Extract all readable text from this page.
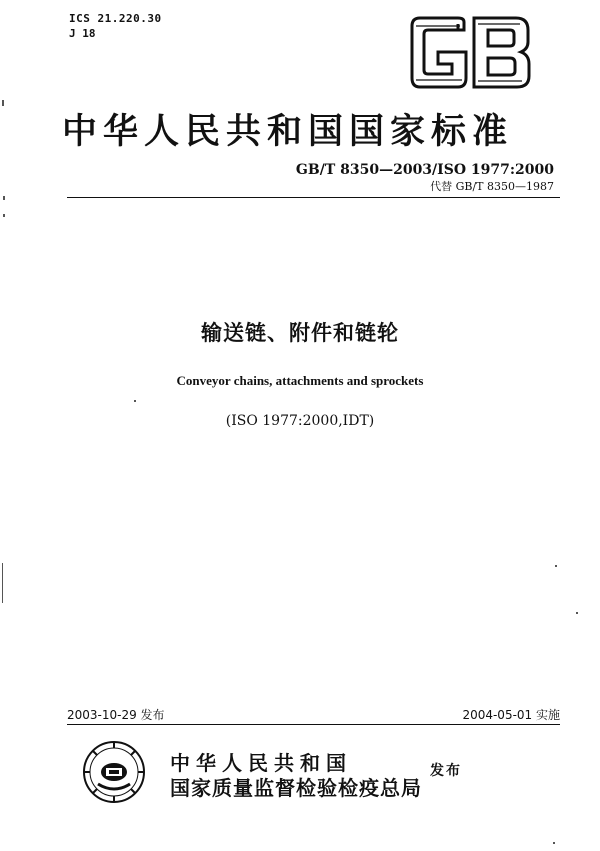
ICS 21.220.30
J 18
中华人民共和国国家标准
GB/T 8350—2003/ISO 1977:2000
代替 GB/T 8350—1987
输送链、附件和链轮
Conveyor chains, attachments and sprockets
(ISO 1977:2000,IDT)
2003-10-29 发布	2004-05-01 实施
中华人民共和国
国家质量监督检验检疫总局
发布
